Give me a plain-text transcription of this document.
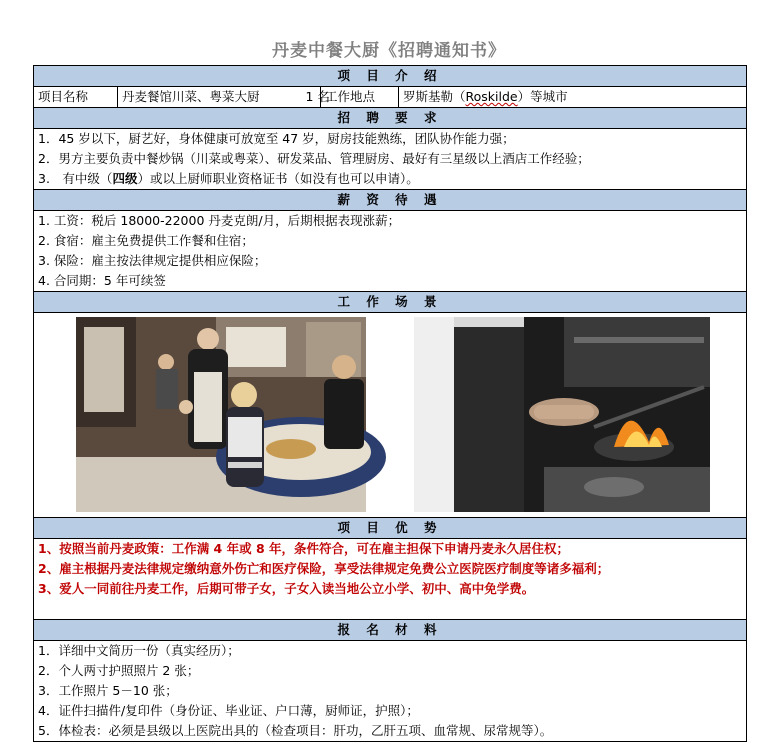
丹麦中餐大厨《招聘通知书》
项 目 介 绍

项目名称	丹麦餐馆川菜、粤菜大厨	1 名
工作地点	罗斯基勒（Roskilde）等城市

招 聘 要 求

1．45 岁以下，厨艺好，身体健康可放宽至 47 岁，厨房技能熟练，团队协作能力强；
2．男方主要负责中餐炒锅（川菜或粤菜）、研发菜品、管理厨房、最好有三星级以上酒店工作经验；
3.　有中级（四级）或以上厨师职业资格证书（如没有也可以申请）。

薪 资 待 遇

1. 工资：税后 18000-22000 丹麦克朗/月，后期根据表现涨薪；
2. 食宿：雇主免费提供工作餐和住宿；
3. 保险：雇主按法律规定提供相应保险；
4. 合同期：5 年可续签

工 作 场 景

项 目 优 势

1、按照当前丹麦政策：工作满 4 年或 8 年，条件符合，可在雇主担保下申请丹麦永久居住权；
2、雇主根据丹麦法律规定缴纳意外伤亡和医疗保险，享受法律规定免费公立医院医疗制度等诸多福利；
3、爱人一同前往丹麦工作，后期可带子女，子女入读当地公立小学、初中、高中免学费。

报 名 材 料

1．详细中文简历一份（真实经历）；
2．个人两寸护照照片 2 张；
3．工作照片 5－10 张；
4．证件扫描件/复印件（身份证、毕业证、户口薄，厨师证，护照）；
5．体检表：必须是县级以上医院出具的（检查项目：肝功，乙肝五项、血常规、尿常规等）。
